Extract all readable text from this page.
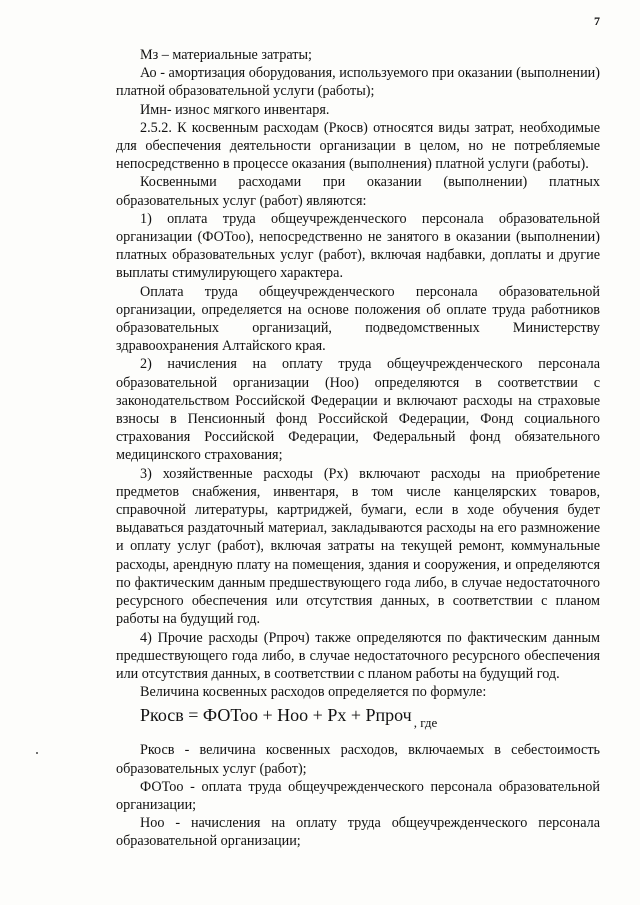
7

Мз – материальные затраты;

Ао - амортизация оборудования, используемого при оказании (выполнении) платной образовательной услуги (работы);

Имн- износ мягкого инвентаря.

2.5.2. К косвенным расходам (Ркосв) относятся виды затрат, необходимые для обеспечения деятельности организации в целом, но не потребляемые непосредственно в процессе оказания (выполнения) платной услуги (работы).

Косвенными расходами при оказании (выполнении) платных образовательных услуг (работ) являются:

1) оплата труда общеучрежденческого персонала образовательной организации (ФОТоо), непосредственно не занятого в оказании (выполнении) платных образовательных услуг (работ), включая надбавки, доплаты и другие выплаты стимулирующего характера.

Оплата труда общеучрежденческого персонала образовательной организации, определяется на основе положения об оплате труда работников образовательных организаций, подведомственных Министерству здравоохранения Алтайского края.

2) начисления на оплату труда общеучрежденческого персонала образовательной организации (Ноо) определяются в соответствии с законодательством Российской Федерации и включают расходы на страховые взносы в Пенсионный фонд Российской Федерации, Фонд социального страхования Российской Федерации, Федеральный фонд обязательного медицинского страхования;

3) хозяйственные расходы (Рх) включают расходы на приобретение предметов снабжения, инвентаря, в том числе канцелярских товаров, справочной литературы, картриджей, бумаги, если в ходе обучения будет выдаваться раздаточный материал, закладываются расходы на его размножение и оплату услуг (работ), включая затраты на текущей ремонт, коммунальные расходы, арендную плату на помещения, здания и сооружения, и определяются по фактическим данным предшествующего года либо, в случае недостаточного ресурсного обеспечения или отсутствия данных, в соответствии с планом работы на будущий год.

4) Прочие расходы (Рпроч) также определяются по фактическим данным предшествующего года либо, в случае недостаточного ресурсного обеспечения или отсутствия данных, в соответствии с планом работы на будущий год.

Величина косвенных расходов определяется по формуле:

Ркосв = ФОТоо + Ноо + Рх + Рпроч $_{, где}$

Ркосв - величина косвенных расходов, включаемых в себестоимость образовательных услуг (работ);

ФОТоо - оплата труда общеучрежденческого персонала образовательной организации;

Ноо - начисления на оплату труда общеучрежденческого персонала образовательной организации;
